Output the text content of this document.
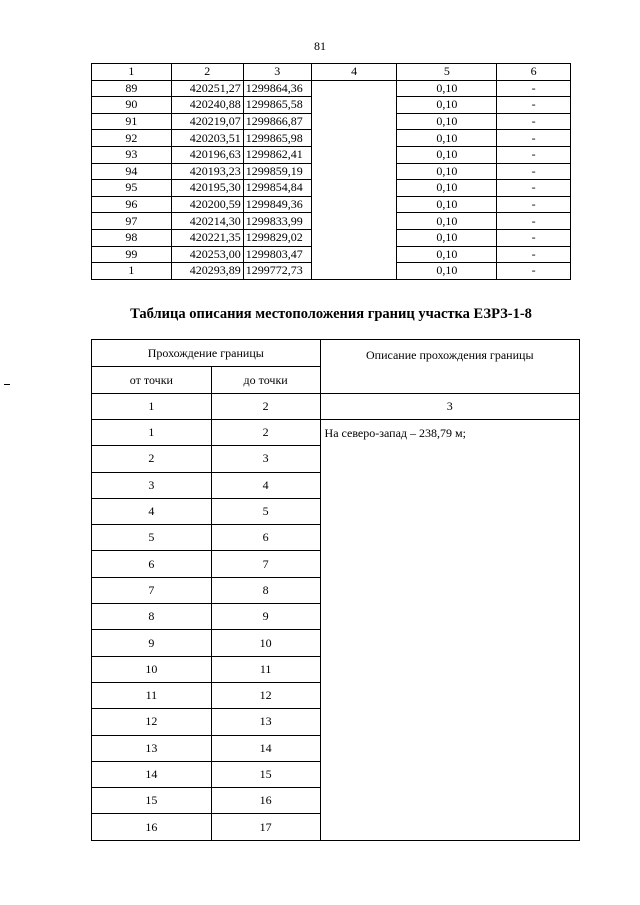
81
1	2	3	4	5	6
89	420251,27	1299864,36		0,10	-
90	420240,88	1299865,58		0,10	-
91	420219,07	1299866,87		0,10	-
92	420203,51	1299865,98		0,10	-
93	420196,63	1299862,41		0,10	-
94	420193,23	1299859,19		0,10	-
95	420195,30	1299854,84		0,10	-
96	420200,59	1299849,36		0,10	-
97	420214,30	1299833,99		0,10	-
98	420221,35	1299829,02		0,10	-
99	420253,00	1299803,47		0,10	-
1	420293,89	1299772,73		0,10	-
Таблица описания местоположения границ участка ЕЗРЗ-1-8
Прохождение границы		Описание прохождения границы
от точки	до точки	
1	2	3
1	2	На северо-запад – 238,79 м;
2	3	
3	4	
4	5	
5	6	
6	7	
7	8	
8	9	
9	10	
10	11	
11	12	
12	13	
13	14	
14	15	
15	16	
16	17	
